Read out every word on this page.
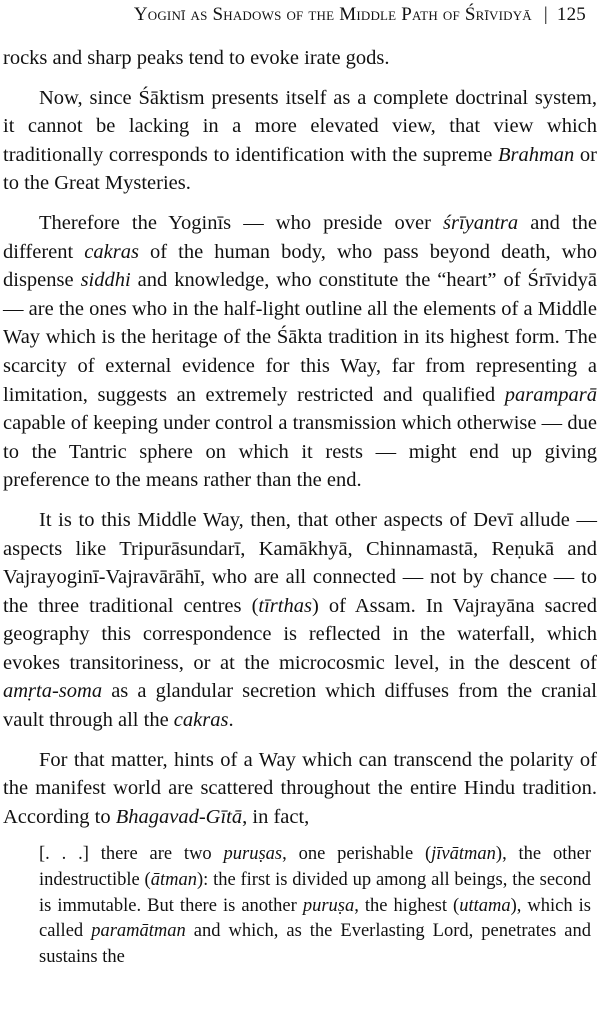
Yoginī as Shadows of the Middle Path of Śrīvidyā | 125

rocks and sharp peaks tend to evoke irate gods.

Now, since Śāktism presents itself as a complete doctrinal system, it cannot be lacking in a more elevated view, that view which traditionally corresponds to identification with the supreme Brahman or to the Great Mysteries.

Therefore the Yoginīs — who preside over śrīyantra and the different cakras of the human body, who pass beyond death, who dispense siddhi and knowledge, who constitute the “heart” of Śrīvidyā — are the ones who in the half-light outline all the elements of a Middle Way which is the heritage of the Śākta tradition in its highest form. The scarcity of external evidence for this Way, far from representing a limitation, suggests an extremely restricted and qualified paramparā capable of keeping under control a transmission which otherwise — due to the Tantric sphere on which it rests — might end up giving preference to the means rather than the end.

It is to this Middle Way, then, that other aspects of Devī allude — aspects like Tripurāsundarī, Kamākhyā, Chinnamastā, Reṇukā and Vajrayoginī-Vajravārāhī, who are all connected — not by chance — to the three traditional centres (tīrthas) of Assam. In Vajrayāna sacred geography this correspondence is reflected in the waterfall, which evokes transitoriness, or at the microcosmic level, in the descent of amṛta-soma as a glandular secretion which diffuses from the cranial vault through all the cakras.

For that matter, hints of a Way which can transcend the polarity of the manifest world are scattered throughout the entire Hindu tradition. According to Bhagavad-Gītā, in fact,

[. . .] there are two puruṣas, one perishable (jīvātman), the other indestructible (ātman): the first is divided up among all beings, the second is immutable. But there is another puruṣa, the highest (uttama), which is called paramātman and which, as the Everlasting Lord, penetrates and sustains the
